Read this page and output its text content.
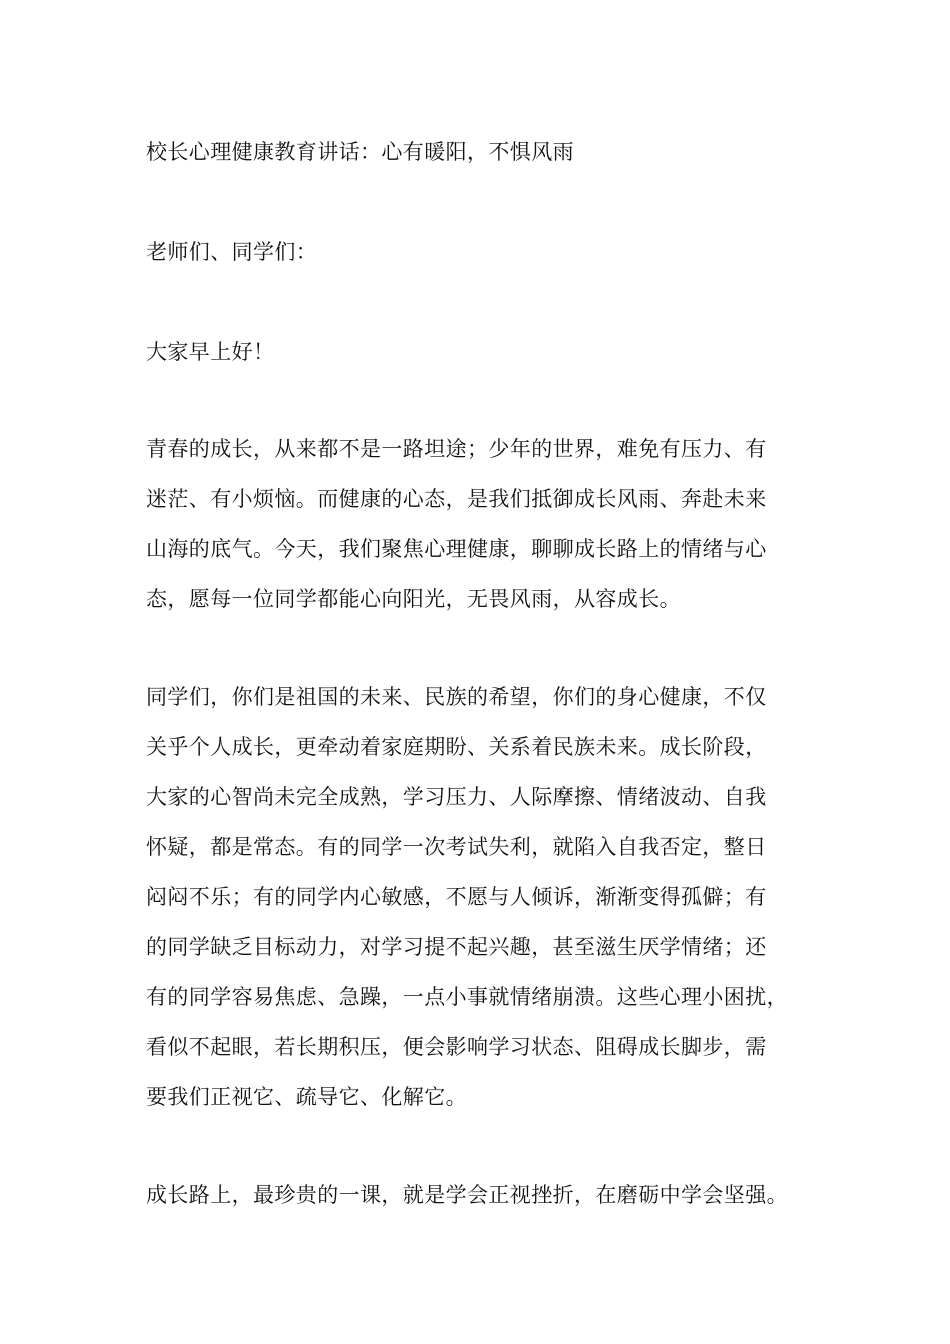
校长心理健康教育讲话：心有暖阳，不惧风雨
老师们、同学们：
大家早上好！
青春的成长，从来都不是一路坦途；少年的世界，难免有压力、有
迷茫、有小烦恼。而健康的心态，是我们抵御成长风雨、奔赴未来
山海的底气。今天，我们聚焦心理健康，聊聊成长路上的情绪与心
态，愿每一位同学都能心向阳光，无畏风雨，从容成长。
同学们，你们是祖国的未来、民族的希望，你们的身心健康，不仅
关乎个人成长，更牵动着家庭期盼、关系着民族未来。成长阶段，
大家的心智尚未完全成熟，学习压力、人际摩擦、情绪波动、自我
怀疑，都是常态。有的同学一次考试失利，就陷入自我否定，整日
闷闷不乐；有的同学内心敏感，不愿与人倾诉，渐渐变得孤僻；有
的同学缺乏目标动力，对学习提不起兴趣，甚至滋生厌学情绪；还
有的同学容易焦虑、急躁，一点小事就情绪崩溃。这些心理小困扰，
看似不起眼，若长期积压，便会影响学习状态、阻碍成长脚步，需
要我们正视它、疏导它、化解它。
成长路上，最珍贵的一课，就是学会正视挫折，在磨砺中学会坚强。
